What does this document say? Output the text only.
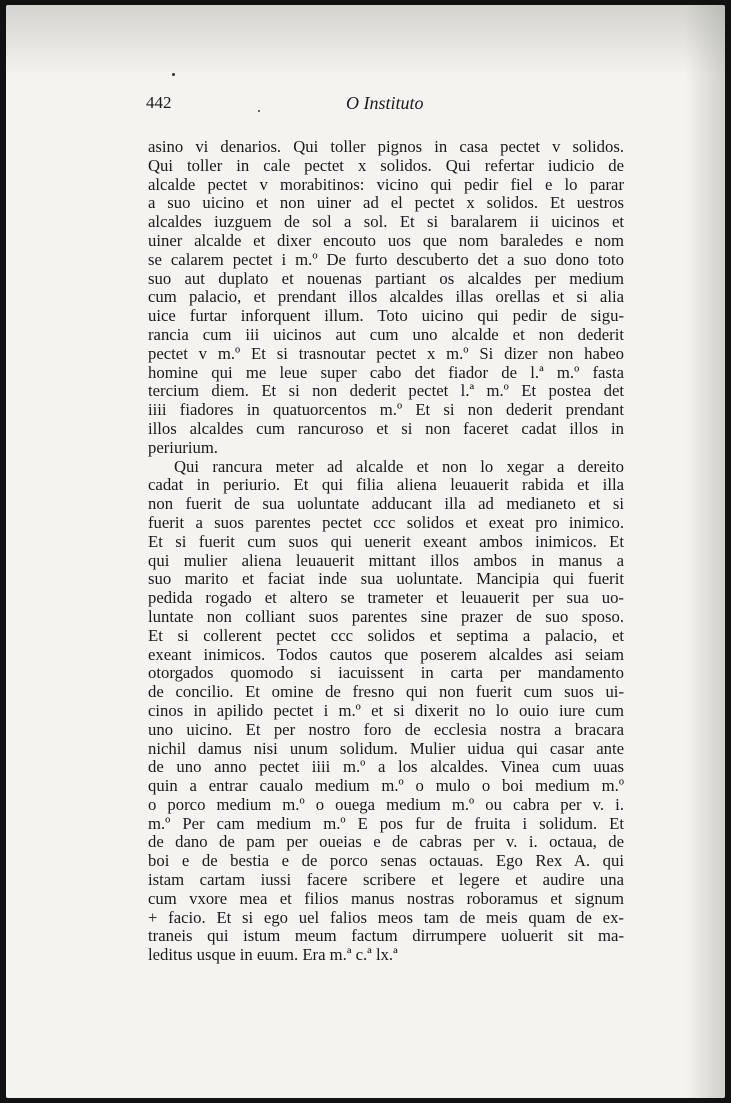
442	O Instituto
asino vi denarios. Qui toller pignos in casa pectet v solidos.
Qui toller in cale pectet x solidos. Qui refertar iudicio de
alcalde pectet v morabitinos: vicino qui pedir fiel e lo parar
a suo uicino et non uiner ad el pectet x solidos. Et uestros
alcaldes iuzguem de sol a sol. Et si baralarem ii uicinos et
uiner alcalde et dixer encouto uos que nom baraledes e nom
se calarem pectet i m.º De furto descuberto det a suo dono toto
suo aut duplato et nouenas partiant os alcaldes per medium
cum palacio, et prendant illos alcaldes illas orellas et si alia
uice furtar inforquent illum. Toto uicino qui pedir de sigu-
rancia cum iii uicinos aut cum uno alcalde et non dederit
pectet v m.º Et si trasnoutar pectet x m.º Si dizer non habeo
homine qui me leue super cabo det fiador de l.ª m.º fasta
tercium diem. Et si non dederit pectet l.ª m.º Et postea det
iiii fiadores in quatuorcentos m.º Et si non dederit prendant
illos alcaldes cum rancuroso et si non faceret cadat illos in
periurium.
Qui rancura meter ad alcalde et non lo xegar a dereito
cadat in periurio. Et qui filia aliena leuauerit rabida et illa
non fuerit de sua uoluntate adducant illa ad medianeto et si
fuerit a suos parentes pectet ccc solidos et exeat pro inimico.
Et si fuerit cum suos qui uenerit exeant ambos inimicos. Et
qui mulier aliena leuauerit mittant illos ambos in manus a
suo marito et faciat inde sua uoluntate. Mancipia qui fuerit
pedida rogado et altero se trameter et leuauerit per sua uo-
luntate non colliant suos parentes sine prazer de suo sposo.
Et si collerent pectet ccc solidos et septima a palacio, et
exeant inimicos. Todos cautos que poserem alcaldes asi seiam
otorgados quomodo si iacuissent in carta per mandamento
de concilio. Et omine de fresno qui non fuerit cum suos ui-
cinos in apilido pectet i m.º et si dixerit no lo ouio iure cum
uno uicino. Et per nostro foro de ecclesia nostra a bracara
nichil damus nisi unum solidum. Mulier uidua qui casar ante
de uno anno pectet iiii m.º a los alcaldes. Vinea cum uuas
quin a entrar caualo medium m.º o mulo o boi medium m.º
o porco medium m.º o ouega medium m.º ou cabra per v. i.
m.º Per cam medium m.º E pos fur de fruita i solidum. Et
de dano de pam per oueias e de cabras per v. i. octaua, de
boi e de bestia e de porco senas octauas. Ego Rex A. qui
istam cartam iussi facere scribere et legere et audire una
cum vxore mea et filios manus nostras roboramus et signum
+ facio. Et si ego uel falios meos tam de meis quam de ex-
traneis qui istum meum factum dirrumpere uoluerit sit ma-
leditus usque in euum. Era m.ª c.ª lx.ª
